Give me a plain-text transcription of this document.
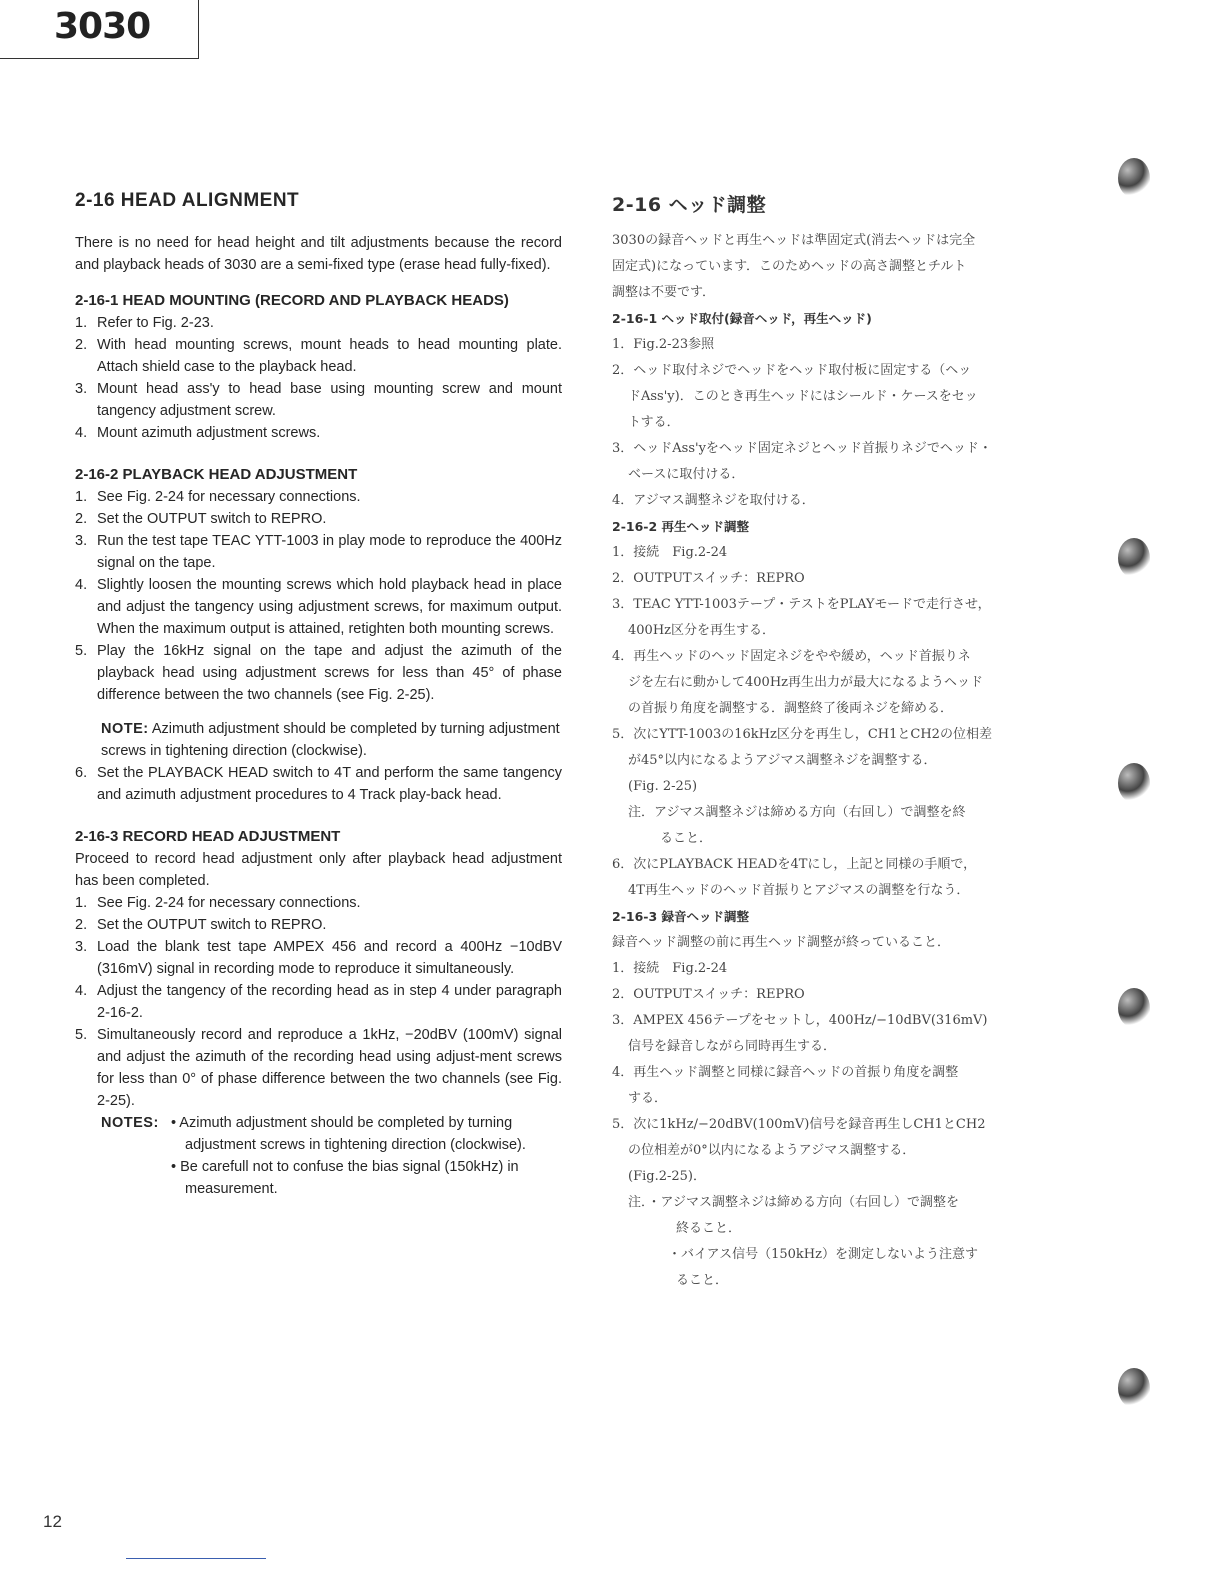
3030
2-16 HEAD ALIGNMENT

There is no need for head height and tilt adjustments because the record and playback heads of 3030 are a semi-fixed type (erase head fully-fixed).

2-16-1 HEAD MOUNTING (RECORD AND PLAYBACK HEADS)
1. Refer to Fig. 2-23.
2. With head mounting screws, mount heads to head mounting plate. Attach shield case to the playback head.
3. Mount head ass'y to head base using mounting screw and mount tangency adjustment screw.
4. Mount azimuth adjustment screws.
2-16-2 PLAYBACK HEAD ADJUSTMENT
1. See Fig. 2-24 for necessary connections.
2. Set the OUTPUT switch to REPRO.
3. Run the test tape TEAC YTT-1003 in play mode to reproduce the 400Hz signal on the tape.
4. Slightly loosen the mounting screws which hold playback head in place and adjust the tangency using adjustment screws, for maximum output. When the maximum output is attained, retighten both mounting screws.
5. Play the 16kHz signal on the tape and adjust the azimuth of the playback head using adjustment screws for less than 45° of phase difference between the two channels (see Fig. 2-25).
NOTE: Azimuth adjustment should be completed by turning adjustment screws in tightening direction (clockwise).
6. Set the PLAYBACK HEAD switch to 4T and perform the same tangency and azimuth adjustment procedures to 4 Track play-back head.
2-16-3 RECORD HEAD ADJUSTMENT

Proceed to record head adjustment only after playback head adjustment has been completed.

1. See Fig. 2-24 for necessary connections.
2. Set the OUTPUT switch to REPRO.
3. Load the blank test tape AMPEX 456 and record a 400Hz −10dBV (316mV) signal in recording mode to reproduce it simultaneously.
4. Adjust the tangency of the recording head as in step 4 under paragraph 2-16-2.
5. Simultaneously record and reproduce a 1kHz, −20dBV (100mV) signal and adjust the azimuth of the recording head using adjust-ment screws for less than 0° of phase difference between the two channels (see Fig. 2-25).
NOTES: • Azimuth adjustment should be completed by turning adjustment screws in tightening direction (clockwise).
• Be carefull not to confuse the bias signal (150kHz) in measurement.
2-16 ヘッド調整
3030の録音ヘッドと再生ヘッドは準固定式(消去ヘッドは完全
固定式)になっています．このためヘッドの高さ調整とチルト
調整は不要です．
2-16-1 ヘッド取付(録音ヘッド，再生ヘッド)
1．Fig.2-23参照
2．ヘッド取付ネジでヘッドをヘッド取付板に固定する（ヘッ
ドAss'y)．このとき再生ヘッドにはシールド・ケースをセッ
トする．
3．ヘッドAss'yをヘッド固定ネジとヘッド首振りネジでヘッド・
ベースに取付ける．
4．アジマス調整ネジを取付ける．
2-16-2 再生ヘッド調整
1．接続　Fig.2-24
2．OUTPUTスイッチ：REPRO
3．TEAC YTT-1003テープ・テストをPLAYモードで走行させ，
400Hz区分を再生する．
4．再生ヘッドのヘッド固定ネジをやや緩め，ヘッド首振りネ
ジを左右に動かして400Hz再生出力が最大になるようヘッド
の首振り角度を調整する．調整終了後両ネジを締める．
5．次にYTT-1003の16kHz区分を再生し，CH1とCH2の位相差
が45°以内になるようアジマス調整ネジを調整する．
(Fig. 2-25)
注．アジマス調整ネジは締める方向（右回し）で調整を終
ること．
6．次にPLAYBACK HEADを4Tにし，上記と同様の手順で，
4T再生ヘッドのヘッド首振りとアジマスの調整を行なう．
2-16-3 録音ヘッド調整
録音ヘッド調整の前に再生ヘッド調整が終っていること．
1．接続　Fig.2-24
2．OUTPUTスイッチ：REPRO
3．AMPEX 456テープをセットし，400Hz/−10dBV(316mV)
信号を録音しながら同時再生する．
4．再生ヘッド調整と同様に録音ヘッドの首振り角度を調整
する．
5．次に1kHz/−20dBV(100mV)信号を録音再生しCH1とCH2
の位相差が0°以内になるようアジマス調整する．
(Fig.2-25)．
注．・アジマス調整ネジは締める方向（右回し）で調整を
終ること．
・バイアス信号（150kHz）を測定しないよう注意す
ること．
12
